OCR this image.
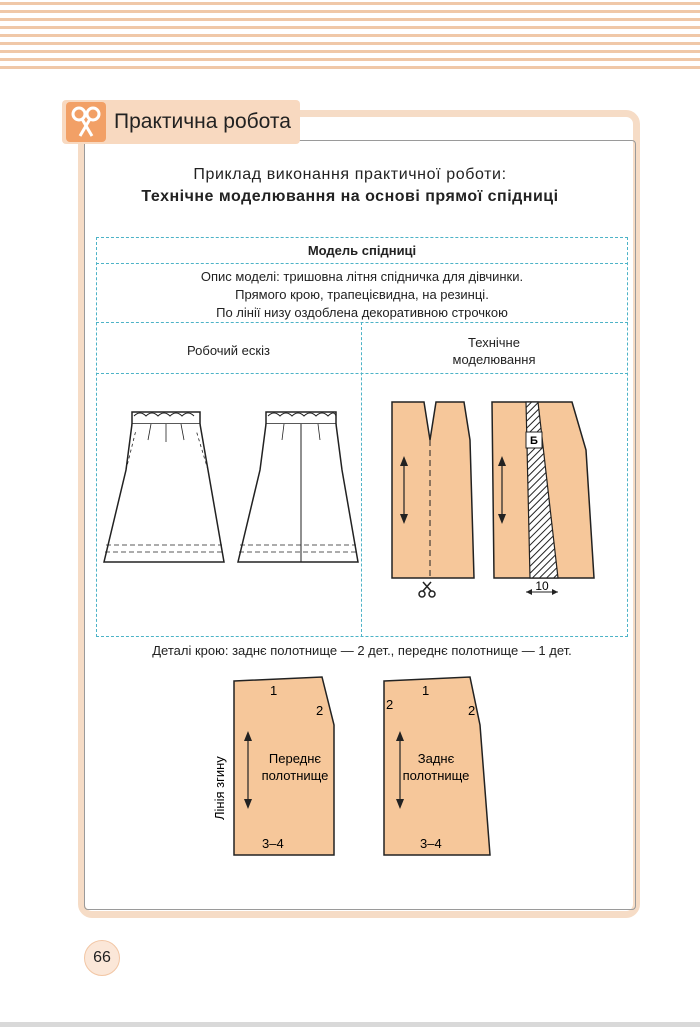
Практична робота
Приклад виконання практичної роботи:
Технічне моделювання на основі прямої спідниці
Модель спідниці
Опис моделі: тришовна літня спідничка для дівчинки.
Прямого крою, трапецієвидна, на резинці.
По лінії низу оздоблена декоративною строчкою
Робочий ескіз
Технічне
моделювання
Б
10
Деталі крою: заднє полотнище — 2 дет., переднє полотнище — 1 дет.
1
2
3–4
Переднє
полотнище
Лінія згину
1
2	2
3–4
Заднє
полотнище
66
